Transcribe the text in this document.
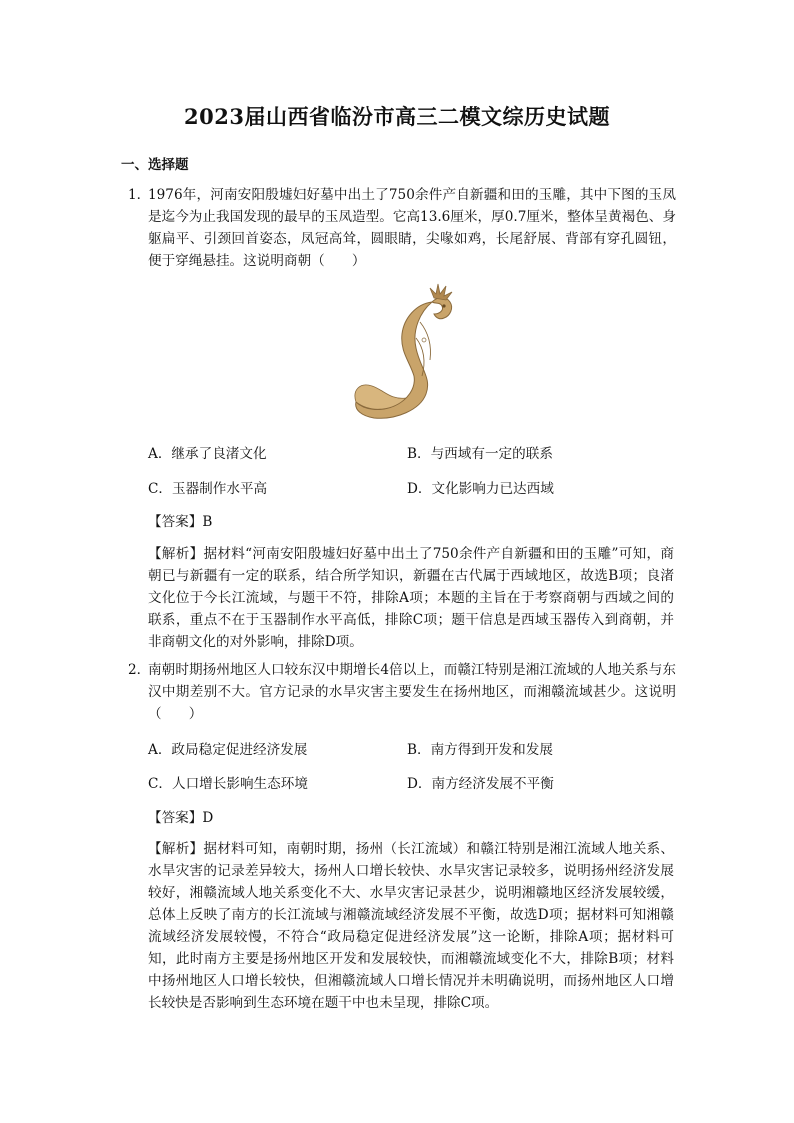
2023届山西省临汾市高三二模文综历史试题
一、选择题
1．
1976年，河南安阳殷墟妇好墓中出土了750余件产自新疆和田的玉雕，其中下图的玉凤是迄今为止我国发现的最早的玉凤造型。它高13.6厘米，厚0.7厘米，整体呈黄褐色、身躯扁平、引颈回首姿态，凤冠高耸，圆眼睛，尖喙如鸡，长尾舒展、背部有穿孔圆钮，便于穿绳悬挂。这说明商朝（　　）
A．继承了良渚文化	B．与西域有一定的联系
C．玉器制作水平高	D．文化影响力已达西域
【答案】B
【解析】据材料“河南安阳殷墟妇好墓中出土了750余件产自新疆和田的玉雕”可知，商朝已与新疆有一定的联系，结合所学知识，新疆在古代属于西域地区，故选B项；良渚文化位于今长江流域，与题干不符，排除A项；本题的主旨在于考察商朝与西域之间的联系，重点不在于玉器制作水平高低，排除C项；题干信息是西域玉器传入到商朝，并非商朝文化的对外影响，排除D项。
2．
南朝时期扬州地区人口较东汉中期增长4倍以上，而赣江特别是湘江流域的人地关系与东汉中期差别不大。官方记录的水旱灾害主要发生在扬州地区，而湘赣流域甚少。这说明（　　）
A．政局稳定促进经济发展	B．南方得到开发和发展
C．人口增长影响生态环境	D．南方经济发展不平衡
【答案】D
【解析】据材料可知，南朝时期，扬州（长江流域）和赣江特别是湘江流域人地关系、水旱灾害的记录差异较大，扬州人口增长较快、水旱灾害记录较多，说明扬州经济发展较好，湘赣流域人地关系变化不大、水旱灾害记录甚少，说明湘赣地区经济发展较缓，总体上反映了南方的长江流域与湘赣流域经济发展不平衡，故选D项；据材料可知湘赣流域经济发展较慢，不符合“政局稳定促进经济发展”这一论断，排除A项；据材料可知，此时南方主要是扬州地区开发和发展较快，而湘赣流域变化不大，排除B项；材料中扬州地区人口增长较快，但湘赣流域人口增长情况并未明确说明，而扬州地区人口增长较快是否影响到生态环境在题干中也未呈现，排除C项。
